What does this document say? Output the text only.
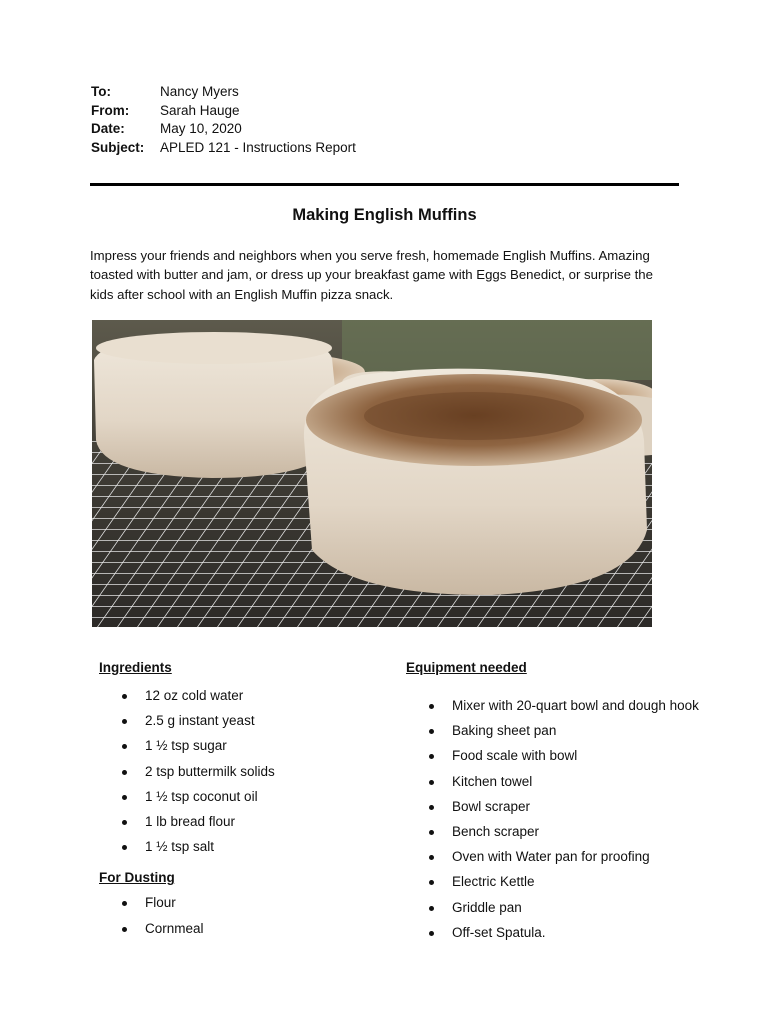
To:	Nancy Myers
From:	Sarah Hauge
Date:	May 10, 2020
Subject:	APLED 121 - Instructions Report
Making English Muffins

Impress your friends and neighbors when you serve fresh, homemade English Muffins. Amazing toasted with butter and jam, or dress up your breakfast game with Eggs Benedict, or surprise the kids after school with an English Muffin pizza snack.

Ingredients
12 oz cold water
2.5 g instant yeast
1 ½ tsp sugar
2 tsp buttermilk solids
1 ½ tsp coconut oil
1 lb bread flour
1 ½ tsp salt
For Dusting
Flour
Cornmeal
Equipment needed
Mixer with 20-quart bowl and dough hook
Baking sheet pan
Food scale with bowl
Kitchen towel
Bowl scraper
Bench scraper
Oven with Water pan for proofing
Electric Kettle
Griddle pan
Off-set Spatula.
